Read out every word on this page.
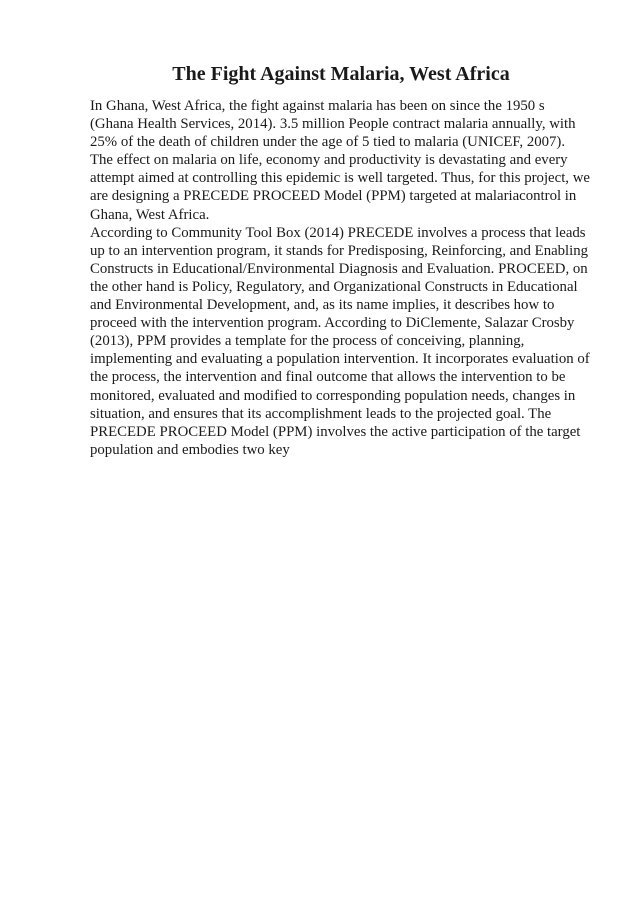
The Fight Against Malaria, West Africa
In Ghana, West Africa, the fight against malaria has been on since the 1950 s
(Ghana Health Services, 2014). 3.5 million People contract malaria annually, with
25% of the death of children under the age of 5 tied to malaria (UNICEF, 2007).
The effect on malaria on life, economy and productivity is devastating and every
attempt aimed at controlling this epidemic is well targeted. Thus, for this project, we
are designing a PRECEDE PROCEED Model (PPM) targeted at malariacontrol in
Ghana, West Africa.
According to Community Tool Box (2014) PRECEDE involves a process that leads
up to an intervention program, it stands for Predisposing, Reinforcing, and Enabling
Constructs in Educational/Environmental Diagnosis and Evaluation. PROCEED, on
the other hand is Policy, Regulatory, and Organizational Constructs in Educational
and Environmental Development, and, as its name implies, it describes how to
proceed with the intervention program. According to DiClemente, Salazar Crosby
(2013), PPM provides a template for the process of conceiving, planning,
implementing and evaluating a population intervention. It incorporates evaluation of
the process, the intervention and final outcome that allows the intervention to be
monitored, evaluated and modified to corresponding population needs, changes in
situation, and ensures that its accomplishment leads to the projected goal. The
PRECEDE PROCEED Model (PPM) involves the active participation of the target
population and embodies two key
